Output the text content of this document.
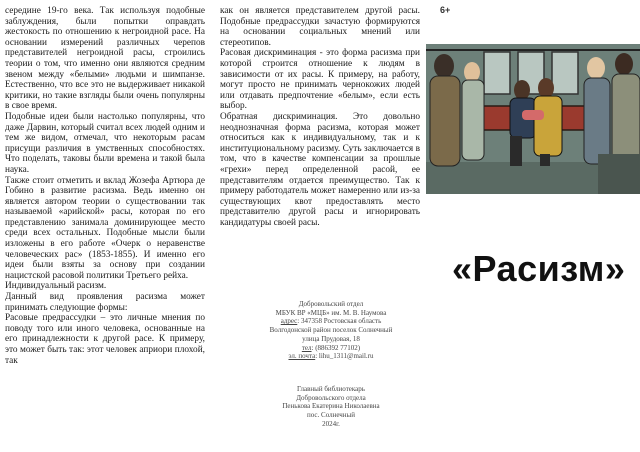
середине 19-го века. Так используя подобные заблуждения, были попытки оправдать жестокость по отношению к негроидной расе. На основании измерений различных черепов представителей негроидной расы, строились теории о том, что именно они являются средним звеном между «белыми» людьми и шимпанзе. Естественно, что все это не выдерживает никакой критики, но такие взгляды были очень популярны в свое время.

Подобные идеи были настолько популярны, что даже Дарвин, который считал всех людей одним и тем же видом, отмечал, что некоторым расам присущи различия в умственных способностях. Что поделать, таковы были времена и такой была наука.

Также стоит отметить и вклад Жозефа Артюра де Гобино в развитие расизма. Ведь именно он является автором теории о существовании так называемой «арийской» расы, которая по его представлению занимала доминирующее место среди всех остальных. Подобные мысли были изложены в его работе «Очерк о неравенстве человеческих рас» (1853-1855). И именно его идеи были взяты за основу при создании нацистской расовой политики Третьего рейха.

Индивидуальный расизм.

Данный вид проявления расизма может принимать следующие формы:

Расовые предрассудки – это личные мнения по поводу того или иного человека, основанные на его принадлежности к другой расе. К примеру, это может быть так: этот человек априори плохой, так

как он является представителем другой расы. Подобные предрассудки зачастую формируются на основании социальных мнений или стереотипов.

Расовая дискриминация - это форма расизма при которой строится отношение к людям в зависимости от их расы. К примеру, на работу, могут просто не принимать чернокожих людей или отдавать предпочтение «белым», если есть выбор.

Обратная дискриминация. Это довольно неоднозначная форма расизма, которая может относиться как к индивидуальному, так и к институциональному расизму. Суть заключается в том, что в качестве компенсации за прошлые «грехи» перед определенной расой, ее представителям отдается преимущество. Так к примеру работодатель может намеренно или из-за существующих квот предоставлять место представителю другой расы и игнорировать кандидатуры своей расы.

6+
«Расизм»
Добровольский отдел
МБУК ВР «МЦБ» им. М. В. Наумова
адрес: 347358 Ростовская область
Волгодонской район поселок Солнечный
улица Прудовая, 18
тел: (886392 77102)
эл. почта: lihu_1311@mail.ru
Главный библиотекарь
Добровольского отдела
Пенькова Екатерина Николаевна
пос. Солнечный
2024г.
